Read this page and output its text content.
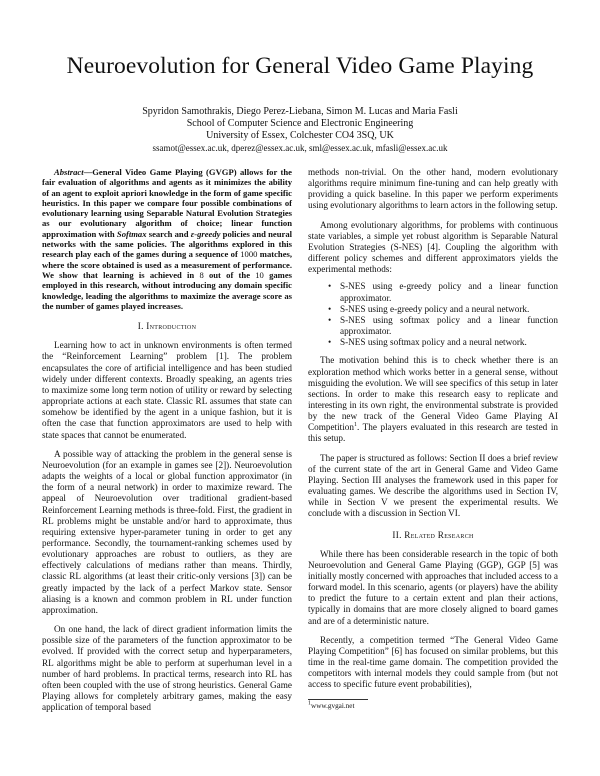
Neuroevolution for General Video Game Playing
Spyridon Samothrakis, Diego Perez-Liebana, Simon M. Lucas and Maria Fasli
School of Computer Science and Electronic Engineering
University of Essex, Colchester CO4 3SQ, UK
ssamot@essex.ac.uk, dperez@essex.ac.uk, sml@essex.ac.uk, mfasli@essex.ac.uk

Abstract—General Video Game Playing (GVGP) allows for the fair evaluation of algorithms and agents as it minimizes the ability of an agent to exploit apriori knowledge in the form of game specific heuristics. In this paper we compare four possible combinations of evolutionary learning using Separable Natural Evolution Strategies as our evolutionary algorithm of choice; linear function approximation with Softmax search and ε-greedy policies and neural networks with the same policies. The algorithms explored in this research play each of the games during a sequence of 1000 matches, where the score obtained is used as a measurement of performance. We show that learning is achieved in 8 out of the 10 games employed in this research, without introducing any domain specific knowledge, leading the algorithms to maximize the average score as the number of games played increases.

I. Introduction

Learning how to act in unknown environments is often termed the “Reinforcement Learning” problem [1]. The problem encapsulates the core of artificial intelligence and has been studied widely under different contexts. Broadly speaking, an agents tries to maximize some long term notion of utility or reward by selecting appropriate actions at each state. Classic RL assumes that state can somehow be identified by the agent in a unique fashion, but it is often the case that function approximators are used to help with state spaces that cannot be enumerated.

A possible way of attacking the problem in the general sense is Neuroevolution (for an example in games see [2]). Neuroevolution adapts the weights of a local or global function approximator (in the form of a neural network) in order to maximize reward. The appeal of Neuroevolution over traditional gradient-based Reinforcement Learning methods is three-fold. First, the gradient in RL problems might be unstable and/or hard to approximate, thus requiring extensive hyper-parameter tuning in order to get any performance. Secondly, the tournament-ranking schemes used by evolutionary approaches are robust to outliers, as they are effectively calculations of medians rather than means. Thirdly, classic RL algorithms (at least their critic-only versions [3]) can be greatly impacted by the lack of a perfect Markov state. Sensor aliasing is a known and common problem in RL under function approximation.

On one hand, the lack of direct gradient information limits the possible size of the parameters of the function approximator to be evolved. If provided with the correct setup and hyperparameters, RL algorithms might be able to perform at superhuman level in a number of hard problems. In practical terms, research into RL has often been coupled with the use of strong heuristics. General Game Playing allows for completely arbitrary games, making the easy application of temporal based

methods non-trivial. On the other hand, modern evolutionary algorithms require minimum fine-tuning and can help greatly with providing a quick baseline. In this paper we perform experiments using evolutionary algorithms to learn actors in the following setup.

Among evolutionary algorithms, for problems with continuous state variables, a simple yet robust algorithm is Separable Natural Evolution Strategies (S-NES) [4]. Coupling the algorithm with different policy schemes and different approximators yields the experimental methods:

• S-NES using e-greedy policy and a linear function approximator.
• S-NES using e-greedy policy and a neural network.
• S-NES using softmax policy and a linear function approximator.
• S-NES using softmax policy and a neural network.

The motivation behind this is to check whether there is an exploration method which works better in a general sense, without misguiding the evolution. We will see specifics of this setup in later sections. In order to make this research easy to replicate and interesting in its own right, the environmental substrate is provided by the new track of the General Video Game Playing AI Competition$^1$. The players evaluated in this research are tested in this setup.

The paper is structured as follows: Section II does a brief review of the current state of the art in General Game and Video Game Playing. Section III analyses the framework used in this paper for evaluating games. We describe the algorithms used in Section IV, while in Section V we present the experimental results. We conclude with a discussion in Section VI.

II. Related Research

While there has been considerable research in the topic of both Neuroevolution and General Game Playing (GGP), GGP [5] was initially mostly concerned with approaches that included access to a forward model. In this scenario, agents (or players) have the ability to predict the future to a certain extent and plan their actions, typically in domains that are more closely aligned to board games and are of a deterministic nature.

Recently, a competition termed “The General Video Game Playing Competition” [6] has focused on similar problems, but this time in the real-time game domain. The competition provided the competitors with internal models they could sample from (but not access to specific future event probabilities),

$^1$www.gvgai.net
